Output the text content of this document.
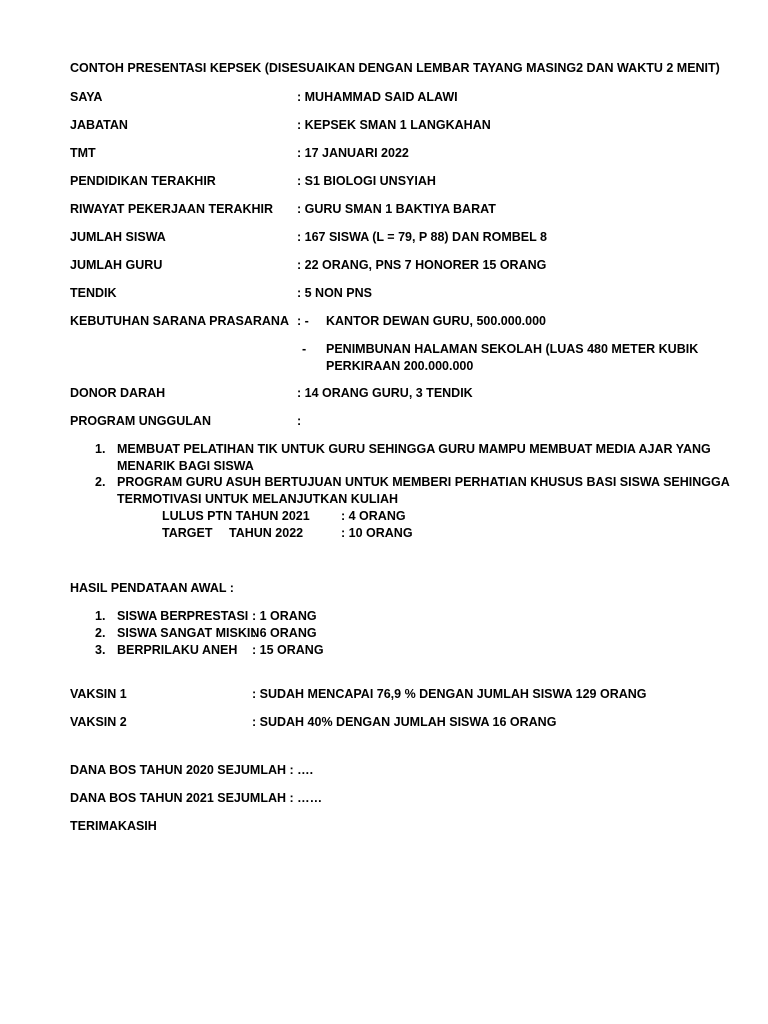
CONTOH PRESENTASI KEPSEK (DISESUAIKAN DENGAN LEMBAR TAYANG MASING2 DAN WAKTU 2 MENIT)
SAYA	: MUHAMMAD SAID ALAWI
JABATAN	: KEPSEK SMAN 1 LANGKAHAN
TMT	: 17 JANUARI 2022
PENDIDIKAN TERAKHIR	: S1 BIOLOGI UNSYIAH
RIWAYAT PEKERJAAN TERAKHIR : GURU SMAN 1 BAKTIYA BARAT
JUMLAH SISWA	: 167 SISWA (L = 79, P 88) DAN ROMBEL 8
JUMLAH GURU	: 22 ORANG, PNS 7 HONORER 15 ORANG
TENDIK	: 5 NON PNS
KEBUTUHAN SARANA PRASARANA : - KANTOR DEWAN GURU, 500.000.000
- PENIMBUNAN HALAMAN SEKOLAH (LUAS 480 METER KUBIK
PERKIRAAN 200.000.000
DONOR DARAH	: 14 ORANG GURU, 3 TENDIK
PROGRAM UNGGULAN	:
1. MEMBUAT PELATIHAN TIK UNTUK GURU SEHINGGA GURU MAMPU MEMBUAT MEDIA AJAR YANG
MENARIK BAGI SISWA
2. PROGRAM GURU ASUH BERTUJUAN UNTUK MEMBERI PERHATIAN KHUSUS BASI SISWA SEHINGGA
TERMOTIVASI UNTUK MELANJUTKAN KULIAH
LULUS PTN TAHUN 2021	: 4 ORANG
TARGET TAHUN 2022	: 10 ORANG
HASIL PENDATAAN AWAL :
1. SISWA BERPRESTASI : 1 ORANG
2. SISWA SANGAT MISKIN
: 6 ORANG
3. BERPRILAKU ANEH : 15 ORANG
VAKSIN 1	: SUDAH MENCAPAI 76,9 % DENGAN JUMLAH SISWA 129 ORANG
VAKSIN 2	: SUDAH 40% DENGAN JUMLAH SISWA 16 ORANG
DANA BOS TAHUN 2020 SEJUMLAH : ….
DANA BOS TAHUN 2021 SEJUMLAH : ……
TERIMAKASIH
